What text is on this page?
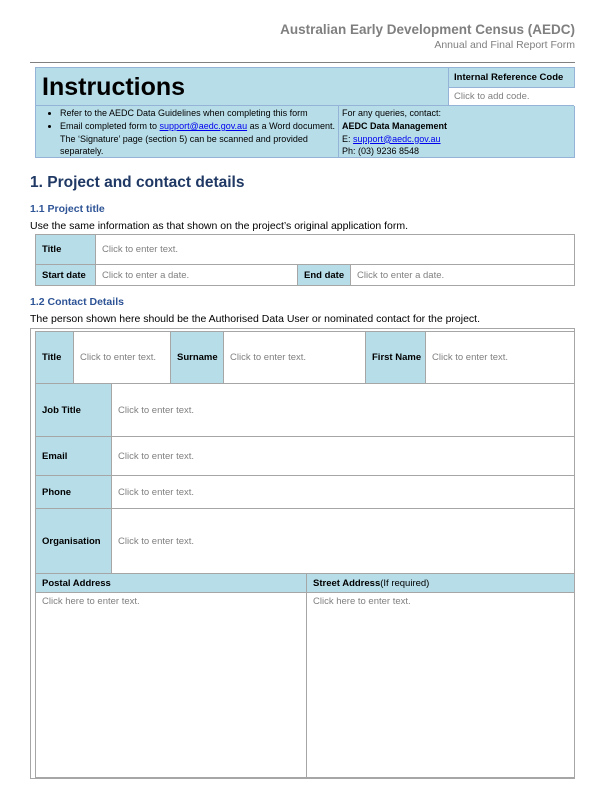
Australian Early Development Census (AEDC)
Annual and Final Report Form
Instructions	Internal Reference Code
Click to add code.
• Refer to the AEDC Data Guidelines when completing this form
• Email completed form to support@aedc.gov.au as a Word document. The ‘Signature’ page (section 5) can be scanned and provided separately.
For any queries, contact:
AEDC Data Management
E: support@aedc.gov.au
Ph: (03) 9236 8548
1. Project and contact details
1.1 Project title
Use the same information as that shown on the project’s original application form.
Title	Click to enter text.
Start date	Click to enter a date.	End date	Click to enter a date.
1.2 Contact Details
The person shown here should be the Authorised Data User or nominated contact for the project.
Title	Click to enter text.	Surname	Click to enter text.	First Name	Click to enter text.
Job Title	Click to enter text.
Email	Click to enter text.
Phone	Click to enter text.
Organisation	Click to enter text.
Postal Address	Street Address (If required)
Click here to enter text.	Click here to enter text.
